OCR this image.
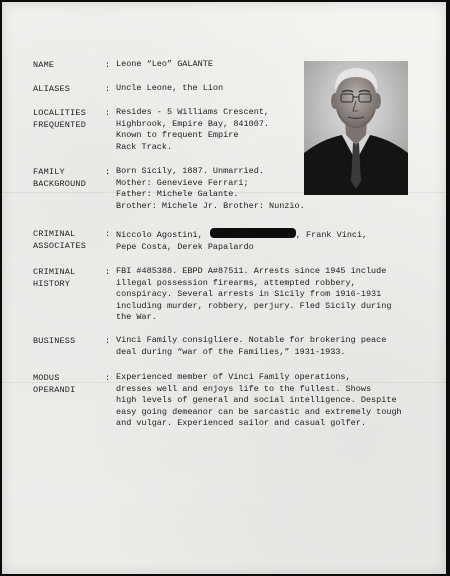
NAME	: Leone “Leo” GALANTE
ALIASES	: Uncle Leone, the Lion
LOCALITIES FREQUENTED
: Resides - 5 Williams Crescent,
Highbrook, Empire Bay, 841007.
Known to frequent Empire
Rack Track.
FAMILY BACKGROUND
: Born Sicily, 1887. Unmarried.
Mother: Genevieve Ferrari;
Father: Michele Galante.
Brother: Michele Jr. Brother: Nunzio.
CRIMINAL ASSOCIATES
: Niccolo Agostini,	, Frank Vinci,
Pepe Costa, Derek Papalardo
CRIMINAL HISTORY
: FBI #485388. EBPD A#87511. Arrests since 1945 include
illegal possession firearms, attempted robbery,
conspiracy. Several arrests in Sicily from 1916-1931
including murder, robbery, perjury. Fled Sicily during
the War.
BUSINESS	: Vinci Family consigliere. Notable for brokering peace
deal during “war of the Families,” 1931-1933.
MODUS OPERANDI
: Experienced member of Vinci Family operations,
dresses well and enjoys life to the fullest. Shows
high levels of general and social intelligence. Despite
easy going demeanor can be sarcastic and extremely tough
and vulgar. Experienced sailor and casual golfer.
